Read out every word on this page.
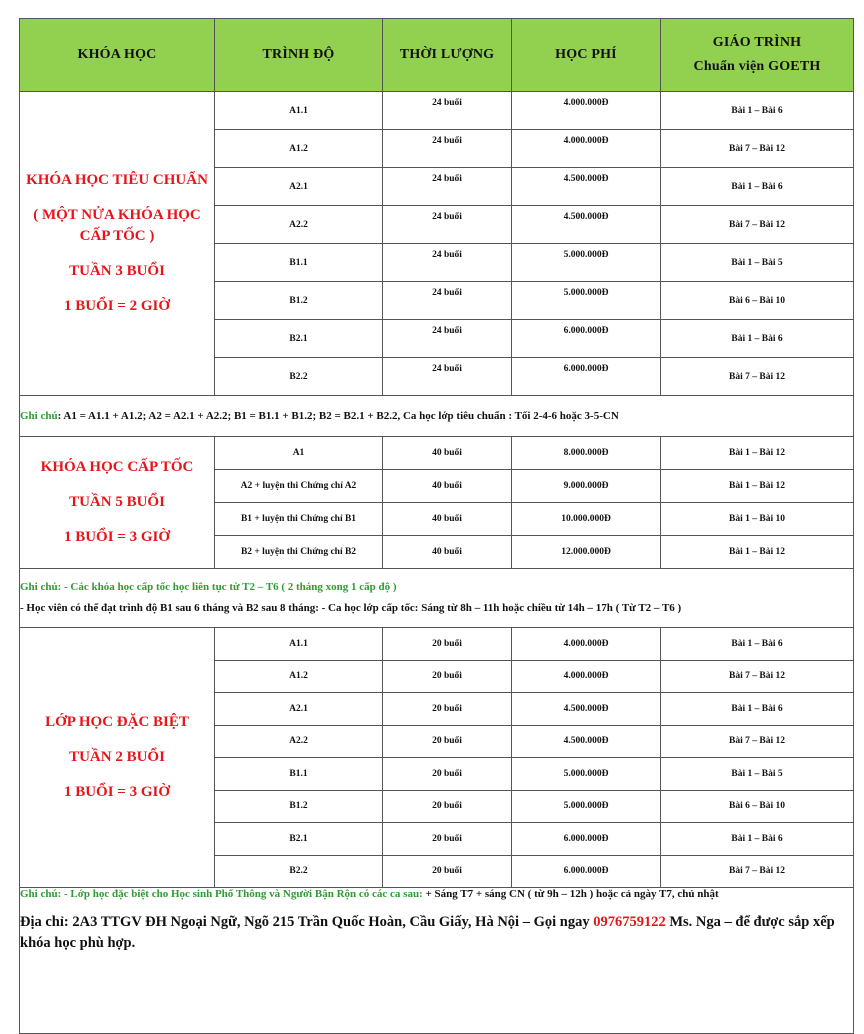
KHÓA HỌC	TRÌNH ĐỘ	THỜI LƯỢNG	HỌC PHÍ	GIÁO TRÌNH
Chuẩn viện GOETH

KHÓA HỌC TIÊU CHUẨN

( MỘT NỬA KHÓA HỌC CẤP TỐC )

TUẦN 3 BUỔI

1 BUỔI = 2 GIỜ	A1.1	24 buổi	4.000.000Đ	Bài 1 – Bài 6
	A1.2	24 buổi	4.000.000Đ	Bài 7 – Bài 12
	A2.1	24 buổi	4.500.000Đ	Bài 1 – Bài 6
	A2.2	24 buổi	4.500.000Đ	Bài 7 – Bài 12
	B1.1	24 buổi	5.000.000Đ	Bài 1 – Bài 5
	B1.2	24 buổi	5.000.000Đ	Bài 6 – Bài 10
	B2.1	24 buổi	6.000.000Đ	Bài 1 – Bài 6
	B2.2	24 buổi	6.000.000Đ	Bài 7 – Bài 12
Ghi chú: A1 = A1.1 + A1.2; A2 = A2.1 + A2.2; B1 = B1.1 + B1.2; B2 = B2.1 + B2.2, Ca học lớp tiêu chuẩn : Tối 2-4-6 hoặc 3-5-CN				

KHÓA HỌC CẤP TỐC

TUẦN 5 BUỔI

1 BUỔI = 3 GIỜ	A1	40 buổi	8.000.000Đ	Bài 1 – Bài 12
	A2 + luyện thi Chứng chỉ A2	40 buổi	9.000.000Đ	Bài 1 – Bài 12
	B1 + luyện thi Chứng chỉ B1	40 buổi	10.000.000Đ	Bài 1 – Bài 10
	B2 + luyện thi Chứng chỉ B2	40 buổi	12.000.000Đ	Bài 1 – Bài 12

Ghi chú: - Các khóa học cấp tốc học liên tục từ T2 – T6 ( 2 tháng xong 1 cấp độ )
- Học viên có thể đạt trình độ B1 sau 6 tháng và B2 sau 8 tháng: - Ca học lớp cấp tốc: Sáng từ 8h – 11h hoặc chiều từ 14h – 17h ( Từ T2 – T6 )				

LỚP HỌC ĐẶC BIỆT

TUẦN 2 BUỔI

1 BUỔI = 3 GIỜ	A1.1	20 buổi	4.000.000Đ	Bài 1 – Bài 6
	A1.2	20 buổi	4.000.000Đ	Bài 7 – Bài 12
	A2.1	20 buổi	4.500.000Đ	Bài 1 – Bài 6
	A2.2	20 buổi	4.500.000Đ	Bài 7 – Bài 12
	B1.1	20 buổi	5.000.000Đ	Bài 1 – Bài 5
	B1.2	20 buổi	5.000.000Đ	Bài 6 – Bài 10
	B2.1	20 buổi	6.000.000Đ	Bài 1 – Bài 6
	B2.2	20 buổi	6.000.000Đ	Bài 7 – Bài 12

Ghi chú: - Lớp học đặc biệt cho Học sinh Phổ Thông và Người Bận Rộn có các ca sau: + Sáng T7 + sáng CN ( từ 9h – 12h ) hoặc cả ngày T7, chủ nhật
Địa chỉ: 2A3 TTGV ĐH Ngoại Ngữ, Ngõ 215 Trần Quốc Hoàn, Cầu Giấy, Hà Nội – Gọi ngay 0976759122 Ms. Nga – để được sắp xếp khóa học phù hợp.				
